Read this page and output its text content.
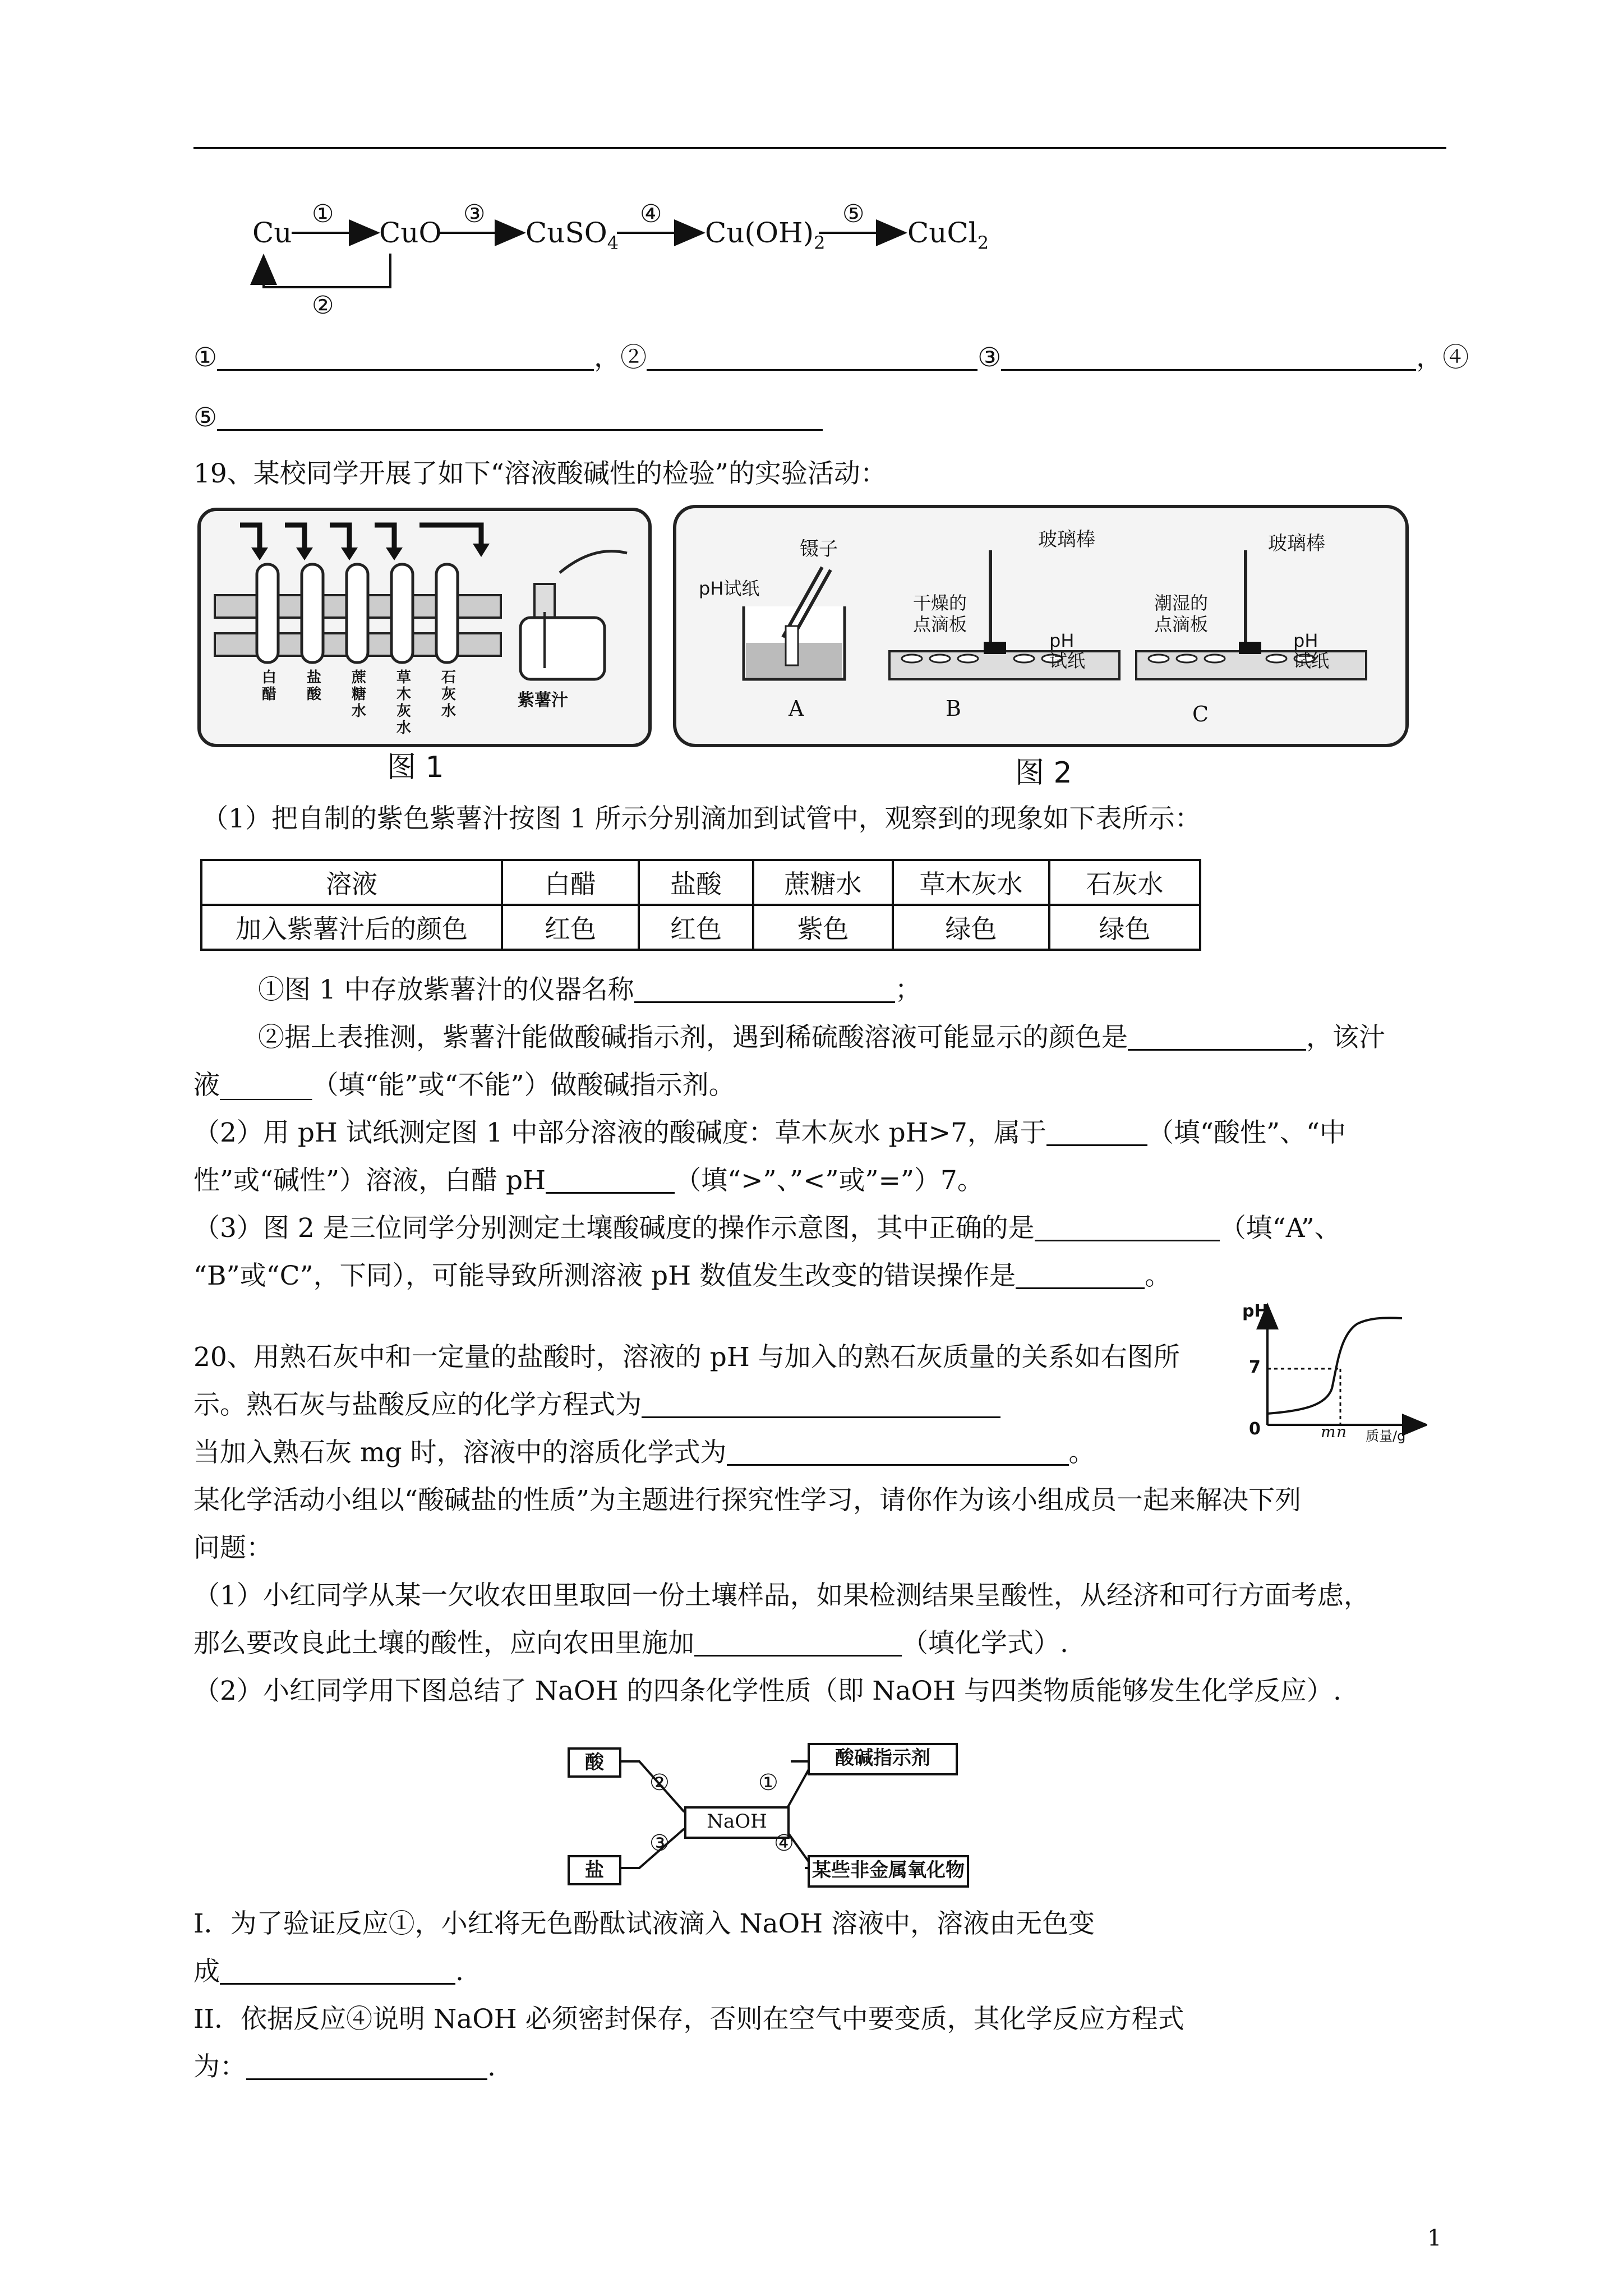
Cu	CuO	CuSO$_4$	$Cu(OH)_2$	CuCl$_2$
①	③	④	⑤
②
①	，②	③	，④
⑤
19、某校同学开展了如下“溶液酸碱性的检验”的实验活动：
白醋
盐酸
蔗糖水
草木灰水
石灰水
紫薯汁
图 1
pH试纸
镊子	玻璃棒	玻璃棒
干燥的 点滴板
潮湿的 点滴板
pH 试纸
pH 试纸
A	B	C
图 2
（1）把自制的紫色紫薯汁按图 1 所示分别滴加到试管中，观察到的现象如下表所示：
溶液	白醋	盐酸	蔗糖水	草木灰水	石灰水
加入紫薯汁后的颜色	红色	红色	紫色	绿色	绿色
①图 1 中存放紫薯汁的仪器名称	；
②据上表推测，紫薯汁能做酸碱指示剂，遇到稀硫酸溶液可能显示的颜色是	，该汁
液_______（填“能”或“不能”）做酸碱指示剂。
（2）用 pH 试纸测定图 1 中部分溶液的酸碱度：草木灰水 pH>7，属于	（填“酸性”、“中
性”或“碱性”）溶液，白醋 pH	（填“>”、”<”或”=”）7。
（3）图 2 是三位同学分别测定土壤酸碱度的操作示意图，其中正确的是	（填“A”、
“B”或“C”，下同），可能导致所测溶液 pH 数值发生改变的错误操作是	。
20、用熟石灰中和一定量的盐酸时，溶液的 pH 与加入的熟石灰质量的关系如右图所
示。熟石灰与盐酸反应的化学方程式为
当加入熟石灰 mg 时，溶液中的溶质化学式为	。
某化学活动小组以“酸碱盐的性质”为主题进行探究性学习，请你作为该小组成员一起来解决下列
问题：
（1）小红同学从某一欠收农田里取回一份土壤样品，如果检测结果呈酸性，从经济和可行方面考虑，
那么要改良此土壤的酸性，应向农田里施加	（填化学式）.
（2）小红同学用下图总结了 NaOH 的四条化学性质（即 NaOH 与四类物质能够发生化学反应）.
pH
7
0	m n 质量/g
酸
盐
NaOH
酸碱指示剂
某些非金属氧化物
②
③
①
④
I．为了验证反应①，小红将无色酚酞试液滴入 NaOH 溶液中，溶液由无色变
成	.
II．依据反应④说明 NaOH 必须密封保存，否则在空气中要变质，其化学反应方程式
为：	.
1
